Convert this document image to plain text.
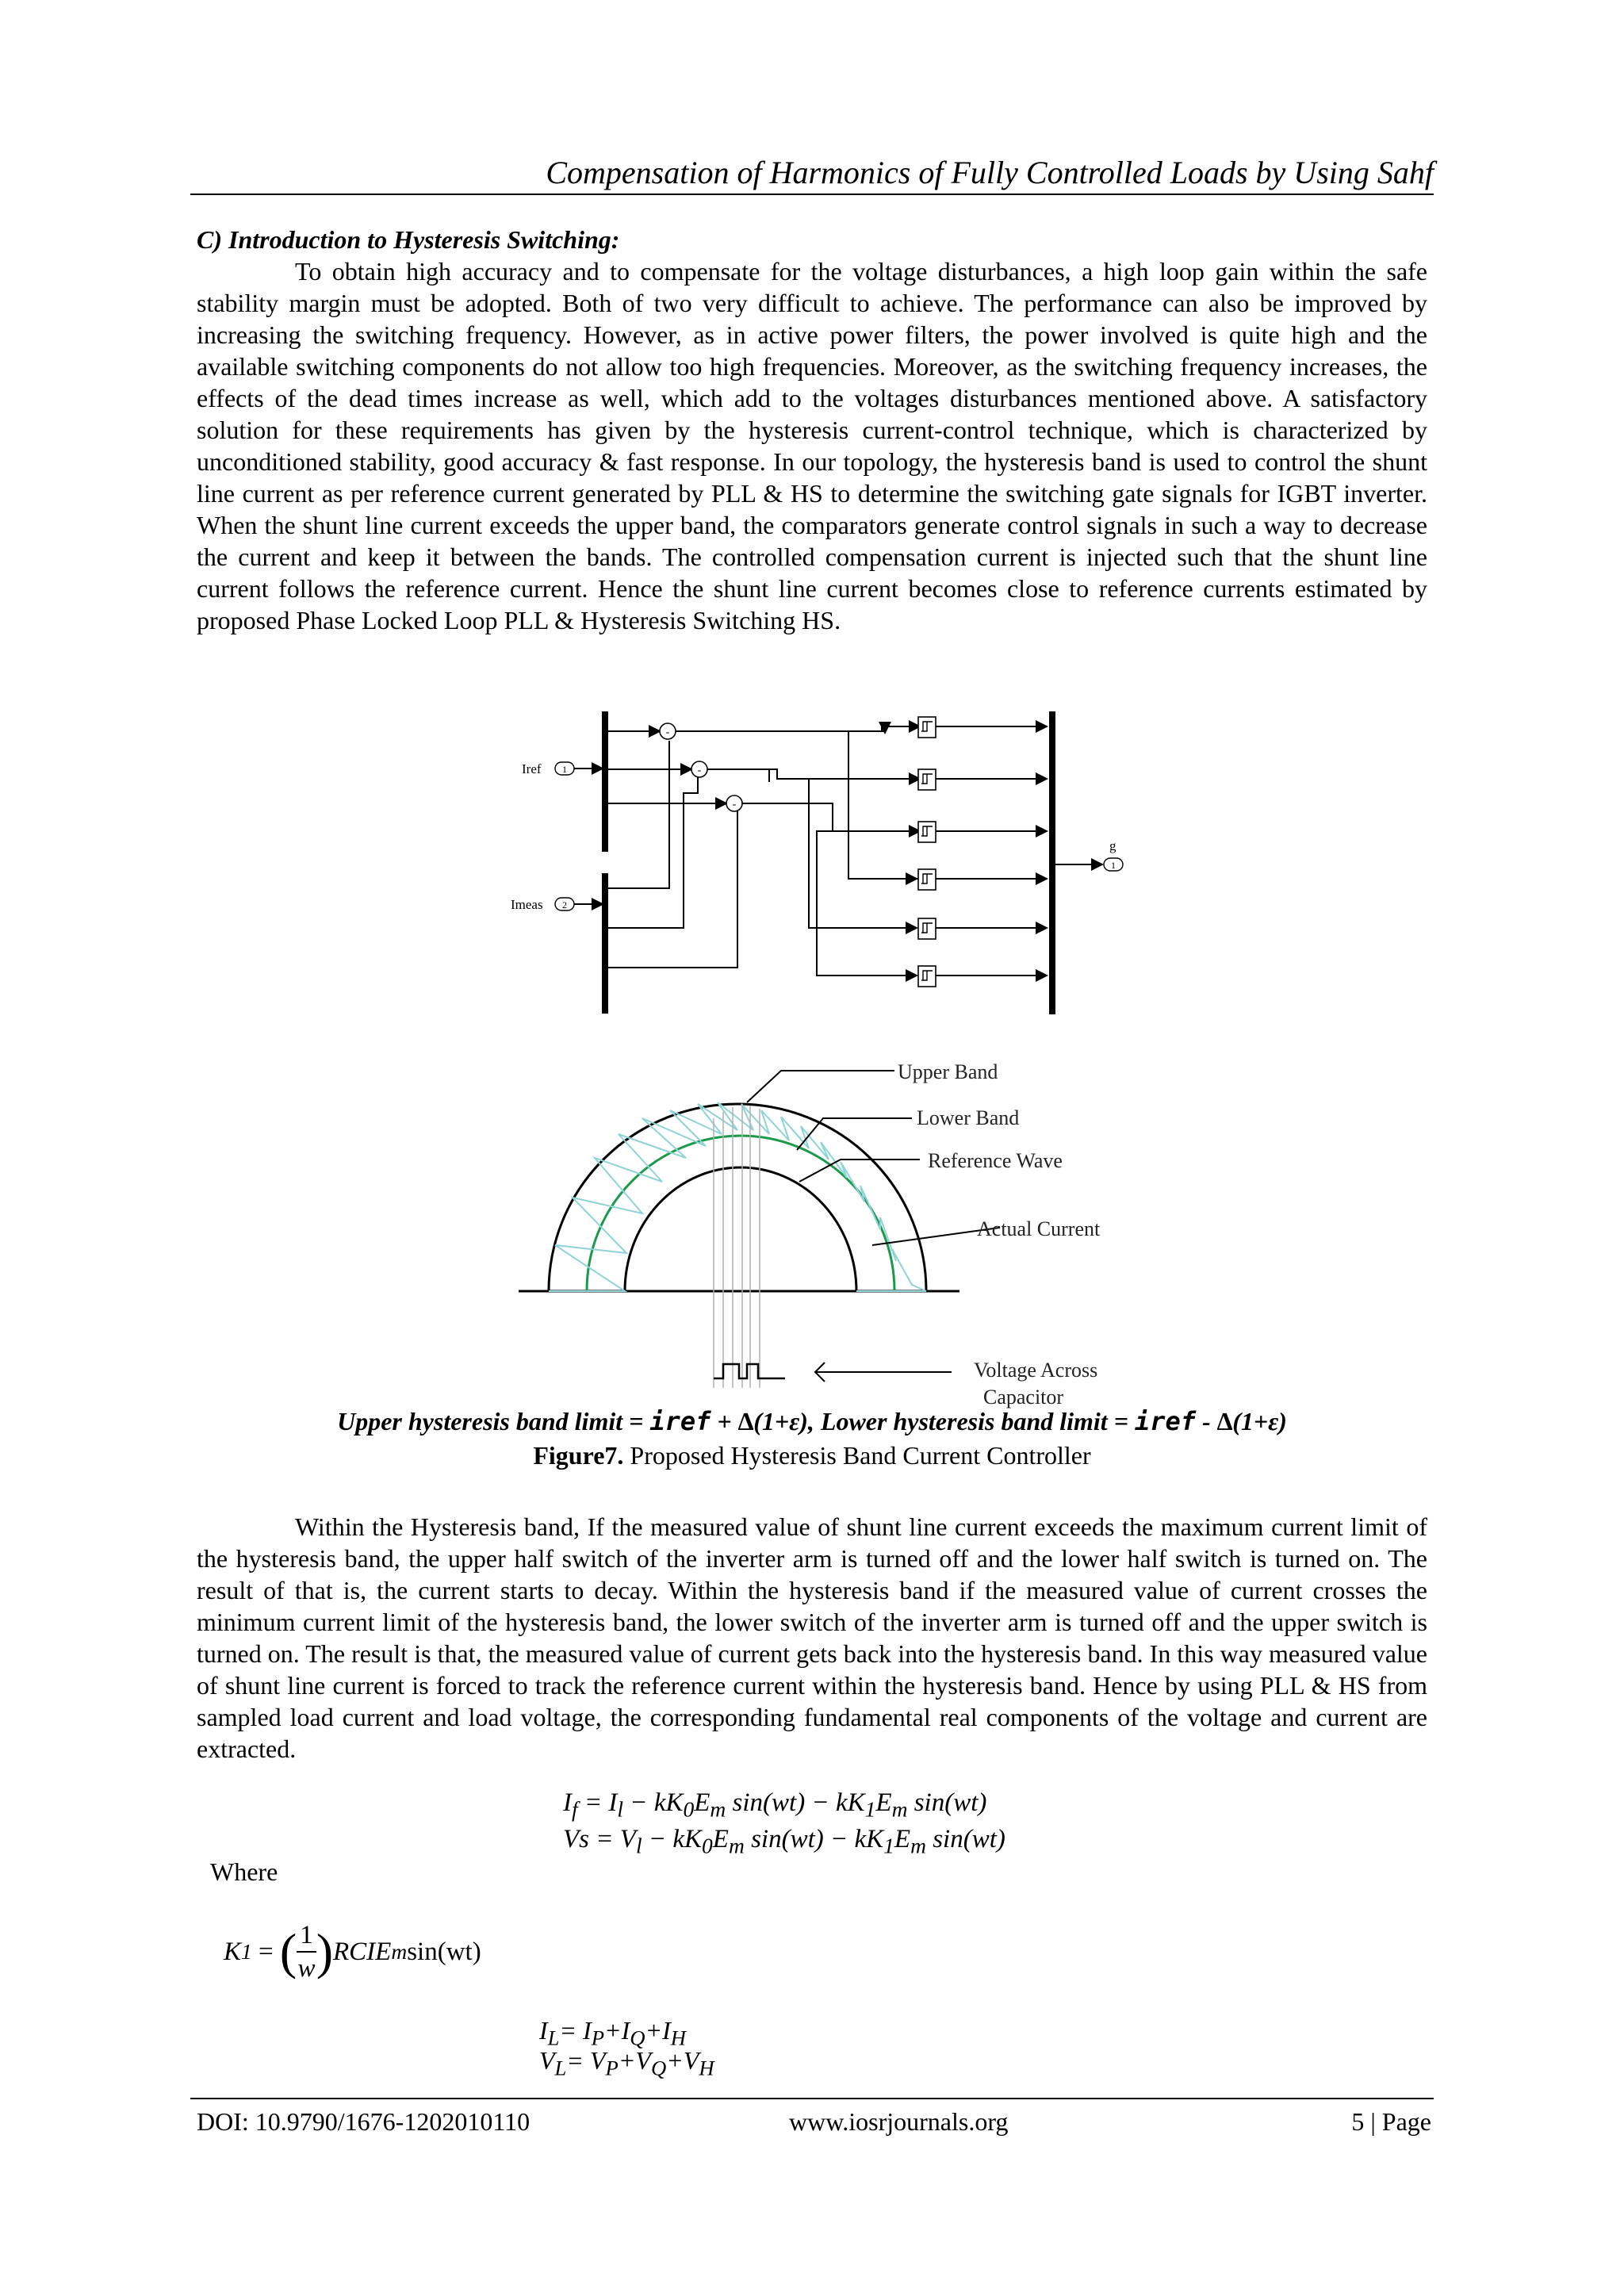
Compensation of Harmonics of Fully Controlled Loads by Using Sahf
C) Introduction to Hysteresis Switching:

To obtain high accuracy and to compensate for the voltage disturbances, a high loop gain within the safe stability margin must be adopted. Both of two very difficult to achieve. The performance can also be improved by increasing the switching frequency. However, as in active power filters, the power involved is quite high and the available switching components do not allow too high frequencies. Moreover, as the switching frequency increases, the effects of the dead times increase as well, which add to the voltages disturbances mentioned above. A satisfactory solution for these requirements has given by the hysteresis current-control technique, which is characterized by unconditioned stability, good accuracy & fast response. In our topology, the hysteresis band is used to control the shunt line current as per reference current generated by PLL & HS to determine the switching gate signals for IGBT inverter. When the shunt line current exceeds the upper band, the comparators generate control signals in such a way to decrease the current and keep it between the bands. The controlled compensation current is injected such that the shunt line current follows the reference current. Hence the shunt line current becomes close to reference currents estimated by proposed Phase Locked Loop PLL & Hysteresis Switching HS.

-
-
-
1
2
1
Iref
Imeas
g
Upper Band
Lower Band
Reference Wave
Actual Current
Voltage Across
Capacitor
Upper hysteresis band limit = iref + ∆(1+ε), Lower hysteresis band limit = iref - ∆(1+ε)
Figure7. Proposed Hysteresis Band Current Controller

Within the Hysteresis band, If the measured value of shunt line current exceeds the maximum current limit of the hysteresis band, the upper half switch of the inverter arm is turned off and the lower half switch is turned on. The result of that is, the current starts to decay. Within the hysteresis band if the measured value of current crosses the minimum current limit of the hysteresis band, the lower switch of the inverter arm is turned off and the upper switch is turned on. The result is that, the measured value of current gets back into the hysteresis band. In this way measured value of shunt line current is forced to track the reference current within the hysteresis band. Hence by using PLL & HS from sampled load current and load voltage, the corresponding fundamental real components of the voltage and current are extracted.

$I_f = I_l - kK_0E_m$ $\sin(wt) - kK_1E_m$ sin(wt)
$Vs = V_l - kK_0E_m$ $\sin(wt) - kK_1E_m$ sin(wt)
Where
K 1 = ( 1
w ) RCIE m sin(wt)
$I_L= I_P+I_Q+I_H$
$V_L= V_P+V_Q+V_H$
DOI: 10.9790/1676-1202010110	www.iosrjournals.org	5 | Page
